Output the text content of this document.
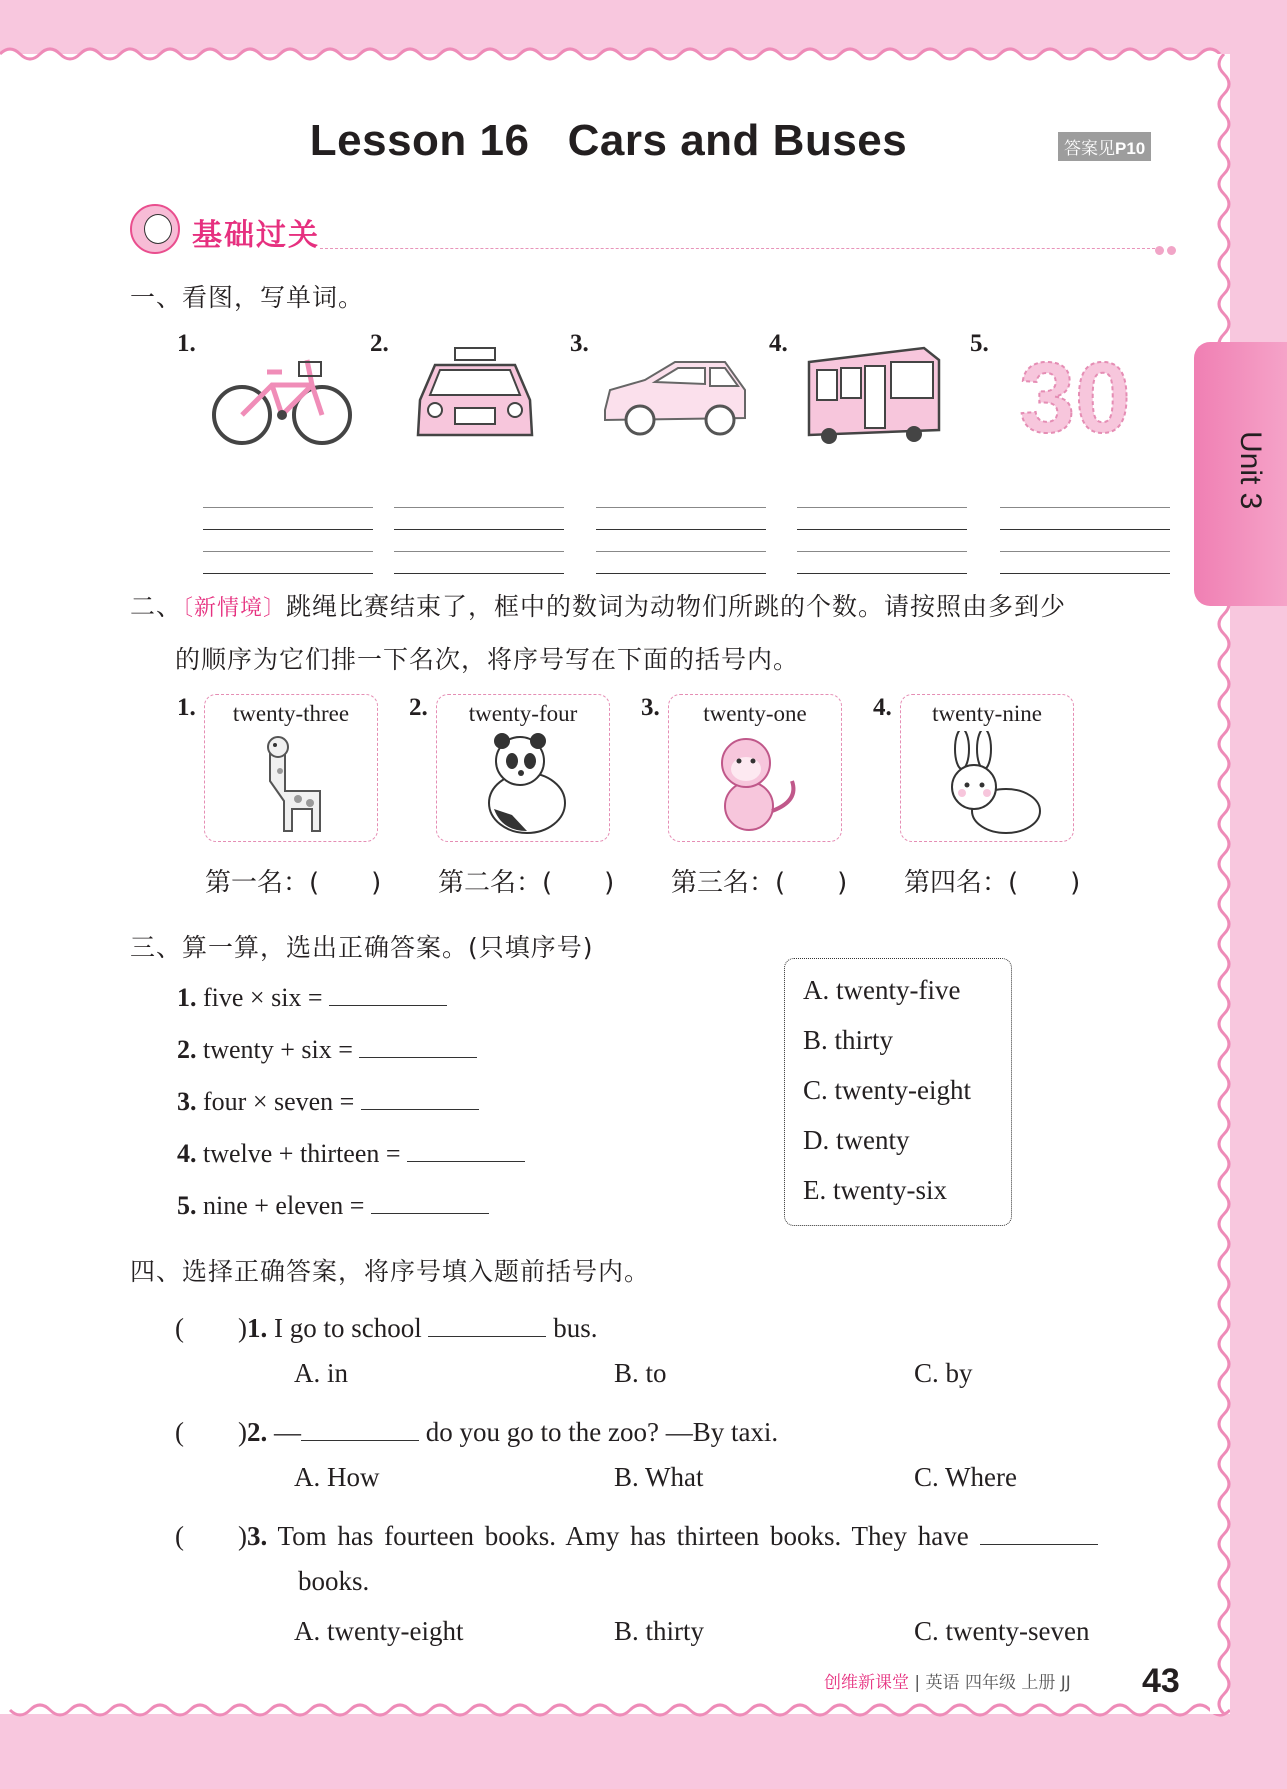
Unit 3
Lesson 16   Cars and Buses	答案见P10
基础过关
一、看图，写单词。
1.	2.	3.	4.	5. 30
二、〔新情境〕跳绳比赛结束了，框中的数词为动物们所跳的个数。请按照由多到少
的顺序为它们排一下名次，将序号写在下面的括号内。
1.	twenty-three	2.	twenty-four	3.	twenty-one	4.	twenty-nine
第一名：(　　) 第二名：(　　) 第三名：(　　) 第四名：(　　)
三、算一算，选出正确答案。(只填序号)
1. five × six =
2. twenty + six =
3. four × seven =
4. twelve + thirteen =
5. nine + eleven =
A. twenty-five
B. thirty
C. twenty-eight
D. twenty
E. twenty-six
四、选择正确答案，将序号填入题前括号内。
(　　)1. I go to school	bus.
A. in	B. to	C. by
(　　)2. —	do you go to the zoo? —By taxi.
A. How	B. What	C. Where
(　　)3. Tom has fourteen books. Amy has thirteen books. They have
books.
A. twenty-eight	B. thirty	C. twenty-seven
创维新课堂 | 英语 四年级 上册 JJ 43
